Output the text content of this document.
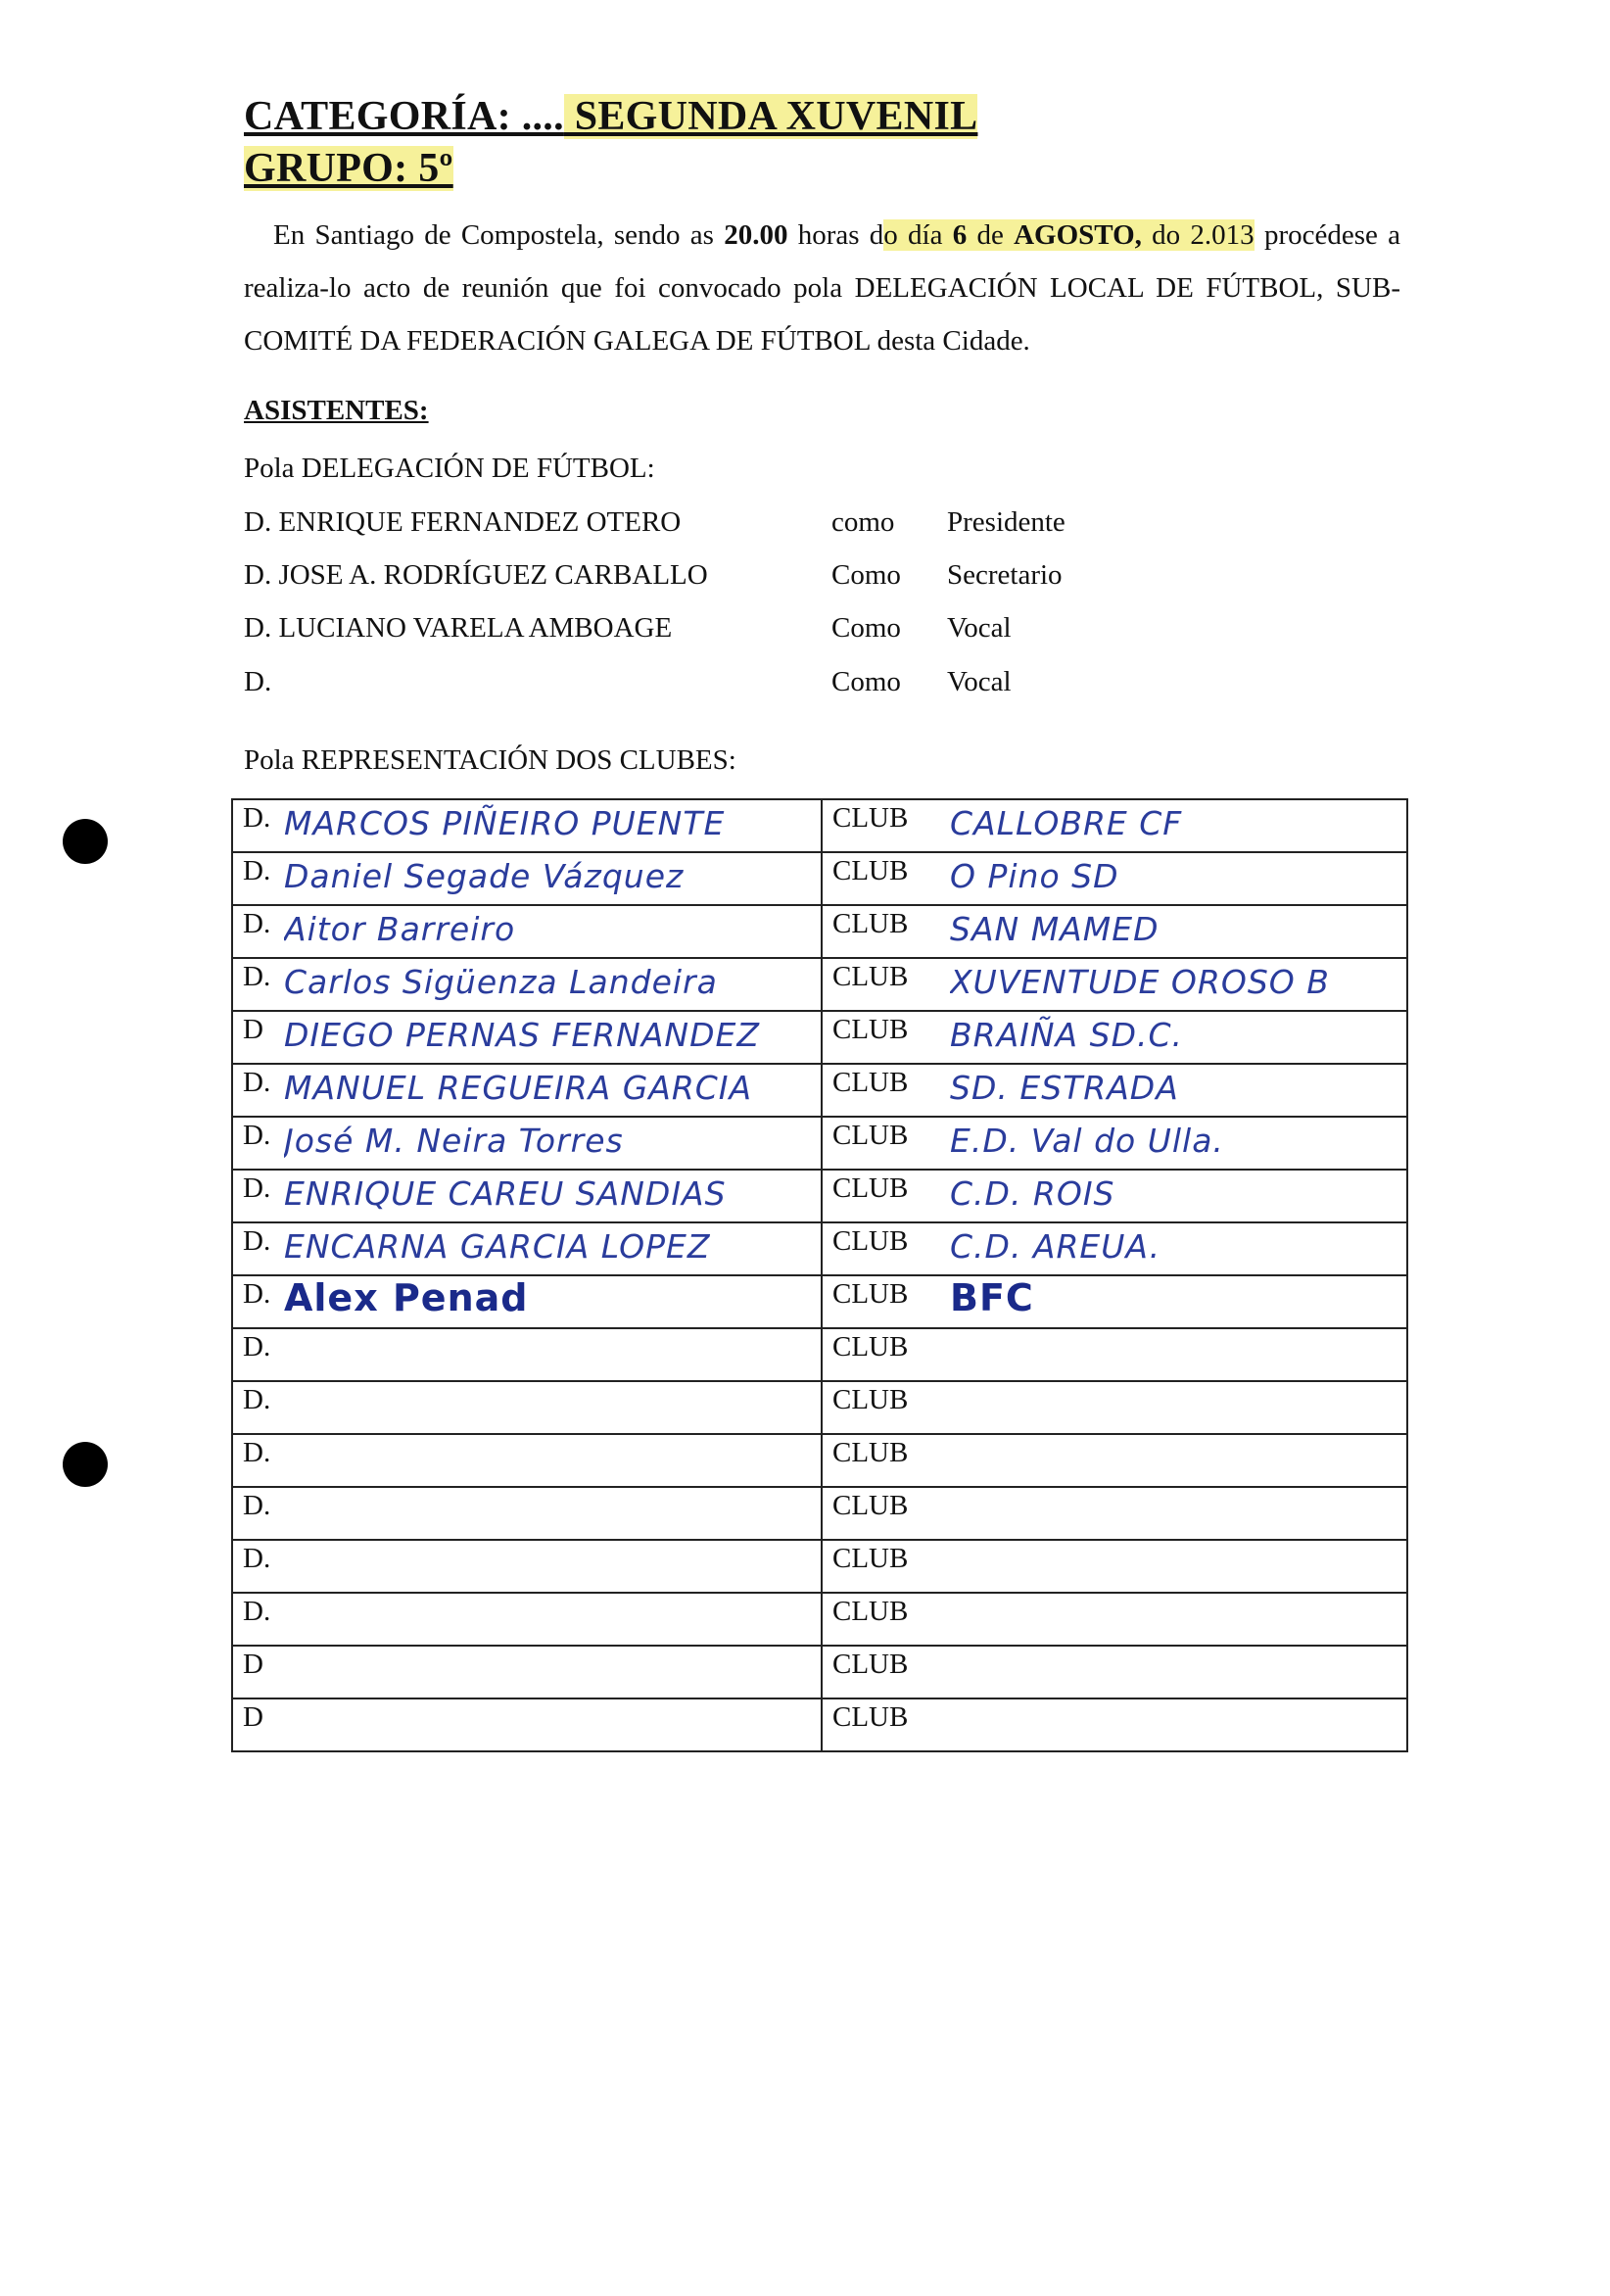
CATEGORÍA: .... SEGUNDA XUVENIL
GRUPO: 5º

En Santiago de Compostela, sendo as 20.00 horas do día 6 de AGOSTO, do 2.013 procédese a realiza-lo acto de reunión que foi convocado pola DELEGACIÓN LOCAL DE FÚTBOL, SUB-COMITÉ DA FEDERACIÓN GALEGA DE FÚTBOL desta Cidade.

ASISTENTES:

Pola DELEGACIÓN DE FÚTBOL:

D. ENRIQUE FERNANDEZ OTERO	como Presidente
D. JOSE A. RODRÍGUEZ CARBALLO	Como Secretario
D. LUCIANO VARELA AMBOAGE	Como Vocal
D.	Como Vocal

Pola REPRESENTACIÓN DOS CLUBES:

D. MARCOS PIÑEIRO PUENTE	CLUB CALLOBRE CF

D. Daniel Segade Vázquez	CLUB O Pino SD

D. Aitor Barreiro	CLUB SAN MAMED

D. Carlos Sigüenza Landeira	CLUB XUVENTUDE OROSO B

D DIEGO PERNAS FERNANDEZ	CLUB BRAIÑA SD.C.

D. MANUEL REGUEIRA GARCIA	CLUB SD. ESTRADA

D. José M. Neira Torres	CLUB E.D. Val do Ulla.

D. ENRIQUE CAREU SANDIAS	CLUB C.D. ROIS

D. ENCARNA GARCIA LOPEZ	CLUB C.D. AREUA.

D. Alex Penad	CLUB BFC

D.	CLUB

D.	CLUB

D.	CLUB

D.	CLUB

D.	CLUB

D.	CLUB

D	CLUB

D	CLUB
